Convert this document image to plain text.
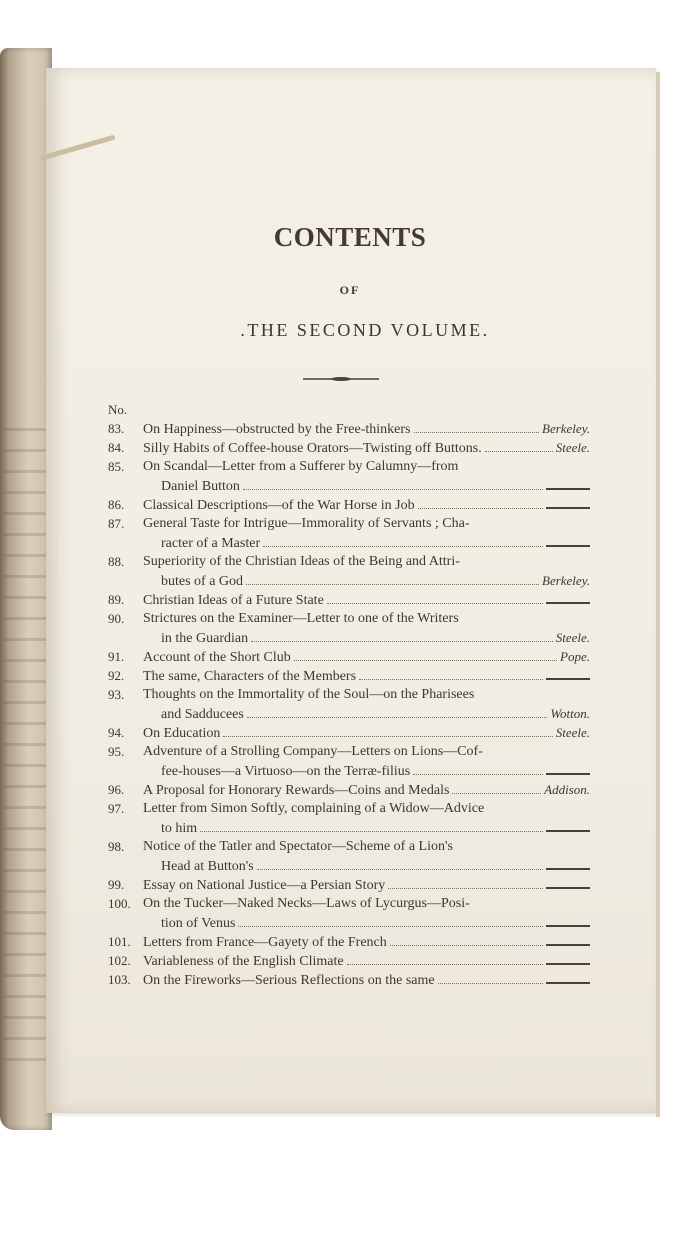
CONTENTS
OF
.THE SECOND VOLUME.
No.
83.	On Happiness—obstructed by the Free-thinkers	Berkeley.
84.	Silly Habits of Coffee-house Orators—Twisting off Buttons.	Steele.
85.	On Scandal—Letter from a Sufferer by Calumny—from
Daniel Button
86.	Classical Descriptions—of the War Horse in Job
87.	General Taste for Intrigue—Immorality of Servants ; Cha-
racter of a Master
88.	Superiority of the Christian Ideas of the Being and Attri-
butes of a God	Berkeley.
89.	Christian Ideas of a Future State
90.	Strictures on the Examiner—Letter to one of the Writers
in the Guardian	Steele.
91.	Account of the Short Club	Pope.
92.	The same, Characters of the Members
93.	Thoughts on the Immortality of the Soul—on the Pharisees
and Sadducees	Wotton.
94.	On Education	Steele.
95.	Adventure of a Strolling Company—Letters on Lions—Cof-
fee-houses—a Virtuoso—on the Terræ-filius
96.	A Proposal for Honorary Rewards—Coins and Medals	Addison.
97.	Letter from Simon Softly, complaining of a Widow—Advice
to him
98.	Notice of the Tatler and Spectator—Scheme of a Lion's
Head at Button's
99.	Essay on National Justice—a Persian Story
100. On the Tucker—Naked Necks—Laws of Lycurgus—Posi-
tion of Venus
101. Letters from France—Gayety of the French
102. Variableness of the English Climate
103. On the Fireworks—Serious Reflections on the same
